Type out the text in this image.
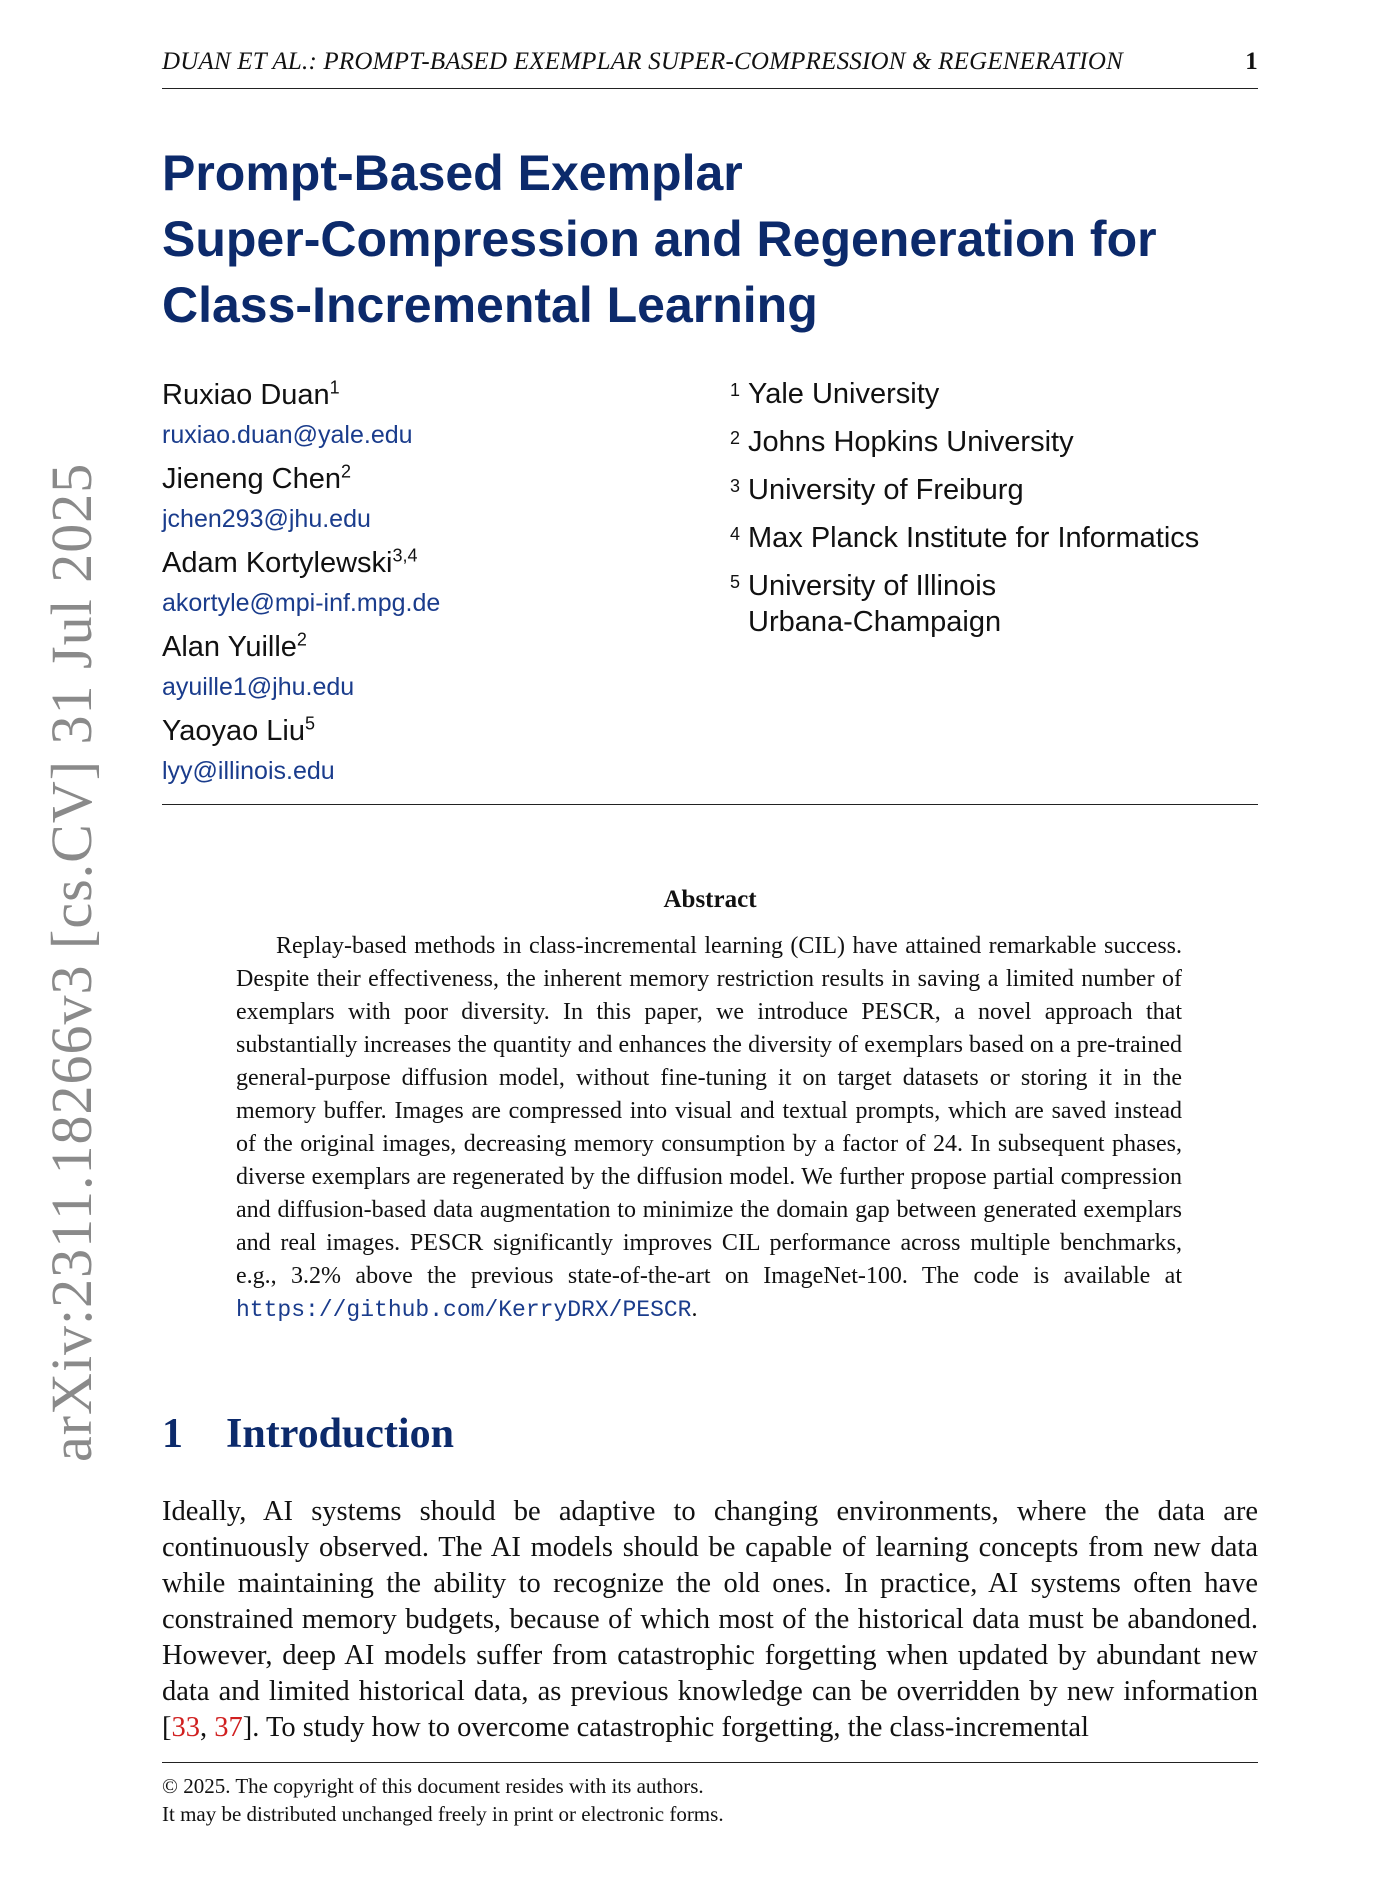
DUAN ET AL.: PROMPT-BASED EXEMPLAR SUPER-COMPRESSION & REGENERATION	1
Prompt-Based Exemplar
Super-Compression and Regeneration for
Class-Incremental Learning
Ruxiao Duan$^1$
ruxiao.duan@yale.edu
Jieneng Chen$^2$
jchen293@jhu.edu
Adam Kortylewski$^{3,4}$
akortyle@mpi-inf.mpg.de
Alan Yuille$^2$
ayuille1@jhu.edu
Yaoyao Liu$^5$
lyy@illinois.edu
1 Yale University
2 Johns Hopkins University
3 University of Freiburg
4 Max Planck Institute for Informatics
5 University of Illinois
Urbana-Champaign
Abstract
Replay-based methods in class-incremental learning (CIL) have attained remarkable success. Despite their effectiveness, the inherent memory restriction results in saving a limited number of exemplars with poor diversity. In this paper, we introduce PESCR, a novel approach that substantially increases the quantity and enhances the diversity of exemplars based on a pre-trained general-purpose diffusion model, without fine-tuning it on target datasets or storing it in the memory buffer. Images are compressed into visual and textual prompts, which are saved instead of the original images, decreasing memory consumption by a factor of 24. In subsequent phases, diverse exemplars are regenerated by the diffusion model. We further propose partial compression and diffusion-based data augmentation to minimize the domain gap between generated exemplars and real images. PESCR significantly improves CIL performance across multiple benchmarks, e.g., 3.2% above the previous state-of-the-art on ImageNet-100. The code is available at https://github.com/KerryDRX/PESCR.
1 Introduction
Ideally, AI systems should be adaptive to changing environments, where the data are continuously observed. The AI models should be capable of learning concepts from new data while maintaining the ability to recognize the old ones. In practice, AI systems often have constrained memory budgets, because of which most of the historical data must be abandoned. However, deep AI models suffer from catastrophic forgetting when updated by abundant new data and limited historical data, as previous knowledge can be overridden by new information [33, 37]. To study how to overcome catastrophic forgetting, the class-incremental
© 2025. The copyright of this document resides with its authors.
It may be distributed unchanged freely in print or electronic forms.
arXiv:2311.18266v3 [cs.CV] 31 Jul 2025
